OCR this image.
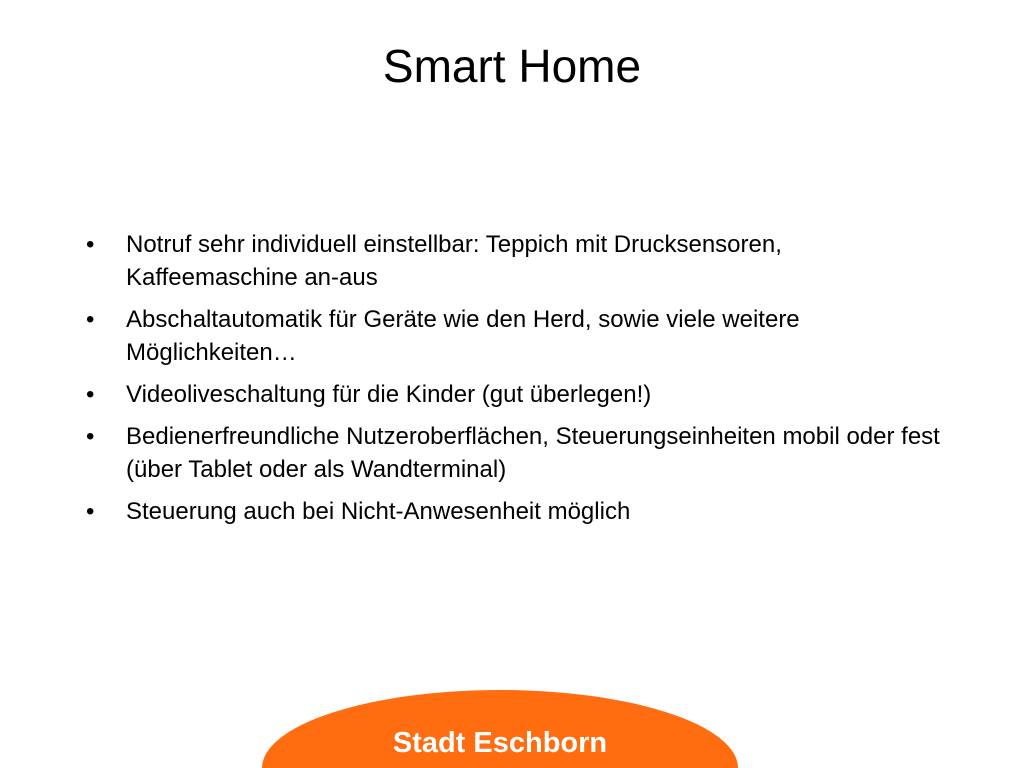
Smart Home
•	Notruf sehr individuell einstellbar: Teppich mit Drucksensoren, Kaffeemaschine an-aus
•	Abschaltautomatik für Geräte wie den Herd, sowie viele weitere Möglichkeiten…
•	Videoliveschaltung für die Kinder (gut überlegen!)
•	Bedienerfreundliche Nutzeroberflächen, Steuerungseinheiten mobil oder fest (über Tablet oder als Wandterminal)
•	Steuerung auch bei Nicht-Anwesenheit möglich
Stadt Eschborn
